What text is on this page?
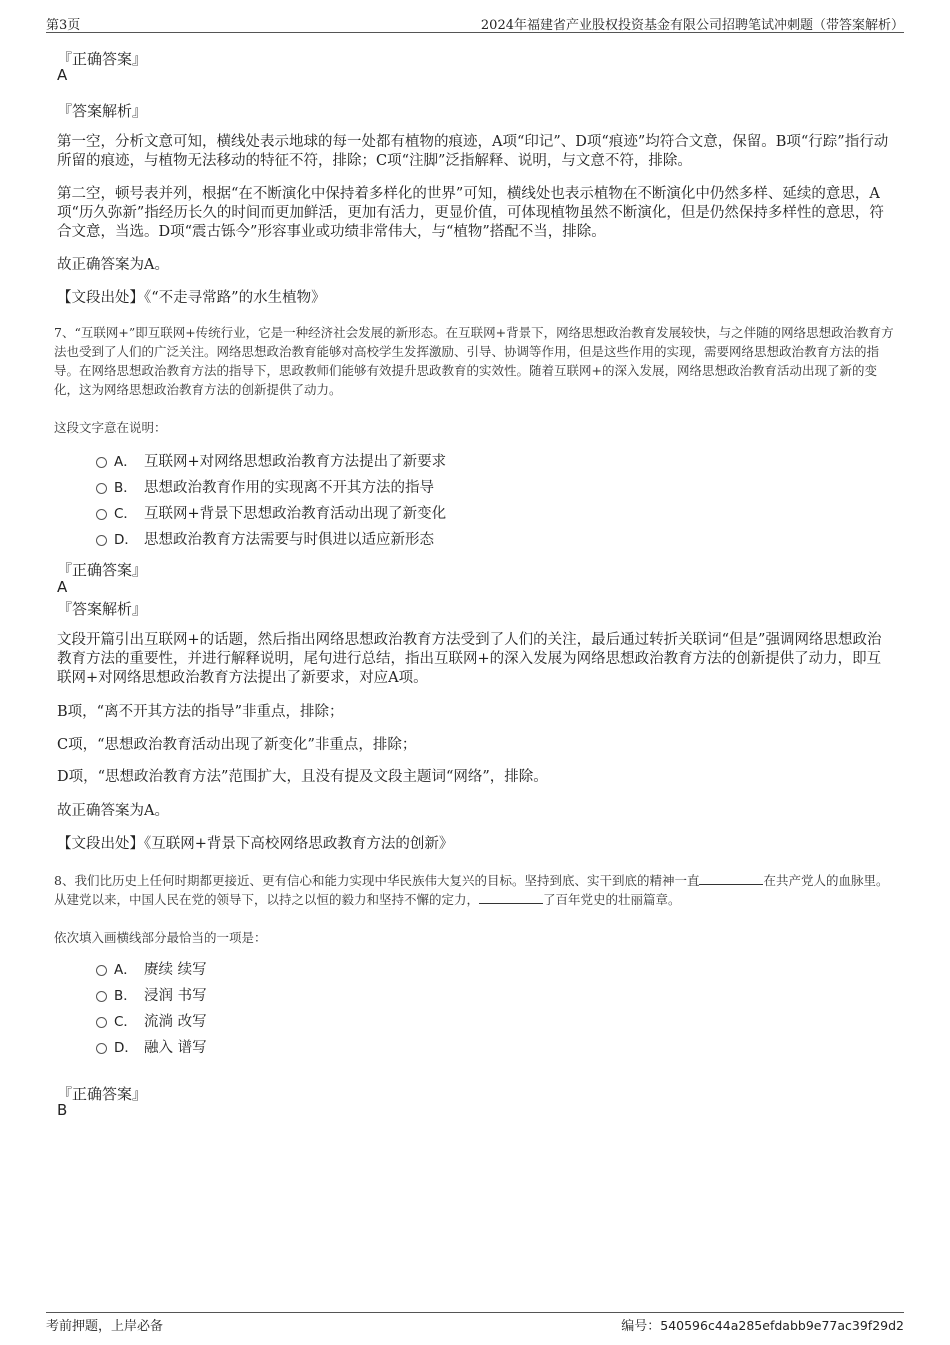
第3页	2024年福建省产业股权投资基金有限公司招聘笔试冲刺题（带答案解析）
『正确答案』
A
『答案解析』
第一空，分析文意可知，横线处表示地球的每一处都有植物的痕迹，A项“印记”、D项“痕迹”均符合文意，保留。B项“行踪”指行动所留的痕迹，与植物无法移动的特征不符，排除；C项“注脚”泛指解释、说明，与文意不符，排除。
第二空，顿号表并列，根据“在不断演化中保持着多样化的世界”可知，横线处也表示植物在不断演化中仍然多样、延续的意思，A项“历久弥新”指经历长久的时间而更加鲜活，更加有活力，更显价值，可体现植物虽然不断演化，但是仍然保持多样性的意思，符合文意，当选。D项“震古铄今”形容事业或功绩非常伟大，与“植物”搭配不当，排除。
故正确答案为A。
【文段出处】《“不走寻常路”的水生植物》
7、“互联网+”即互联网+传统行业，它是一种经济社会发展的新形态。在互联网+背景下，网络思想政治教育发展较快，与之伴随的网络思想政治教育方法也受到了人们的广泛关注。网络思想政治教育能够对高校学生发挥激励、引导、协调等作用，但是这些作用的实现，需要网络思想政治教育方法的指导。在网络思想政治教育方法的指导下，思政教师们能够有效提升思政教育的实效性。随着互联网+的深入发展，网络思想政治教育活动出现了新的变化，这为网络思想政治教育方法的创新提供了动力。
这段文字意在说明：
A． 互联网+对网络思想政治教育方法提出了新要求
B． 思想政治教育作用的实现离不开其方法的指导
C． 互联网+背景下思想政治教育活动出现了新变化
D． 思想政治教育方法需要与时俱进以适应新形态
『正确答案』
A
『答案解析』
文段开篇引出互联网+的话题，然后指出网络思想政治教育方法受到了人们的关注，最后通过转折关联词“但是”强调网络思想政治教育方法的重要性，并进行解释说明，尾句进行总结，指出互联网+的深入发展为网络思想政治教育方法的创新提供了动力，即互联网+对网络思想政治教育方法提出了新要求，对应A项。
B项，“离不开其方法的指导”非重点，排除；
C项，“思想政治教育活动出现了新变化”非重点，排除；
D项，“思想政治教育方法”范围扩大，且没有提及文段主题词“网络”，排除。
故正确答案为A。
【文段出处】《互联网+背景下高校网络思政教育方法的创新》
8、我们比历史上任何时期都更接近、更有信心和能力实现中华民族伟大复兴的目标。坚持到底、实干到底的精神一直	在共产党人的血脉里。从建党以来，中国人民在党的领导下，以持之以恒的毅力和坚持不懈的定力，	了百年党史的壮丽篇章。
依次填入画横线部分最恰当的一项是：
A． 赓续 续写
B． 浸润 书写
C． 流淌 改写
D． 融入 谱写
『正确答案』
B
考前押题，上岸必备	编号：540596c44a285efdabb9e77ac39f29d2
